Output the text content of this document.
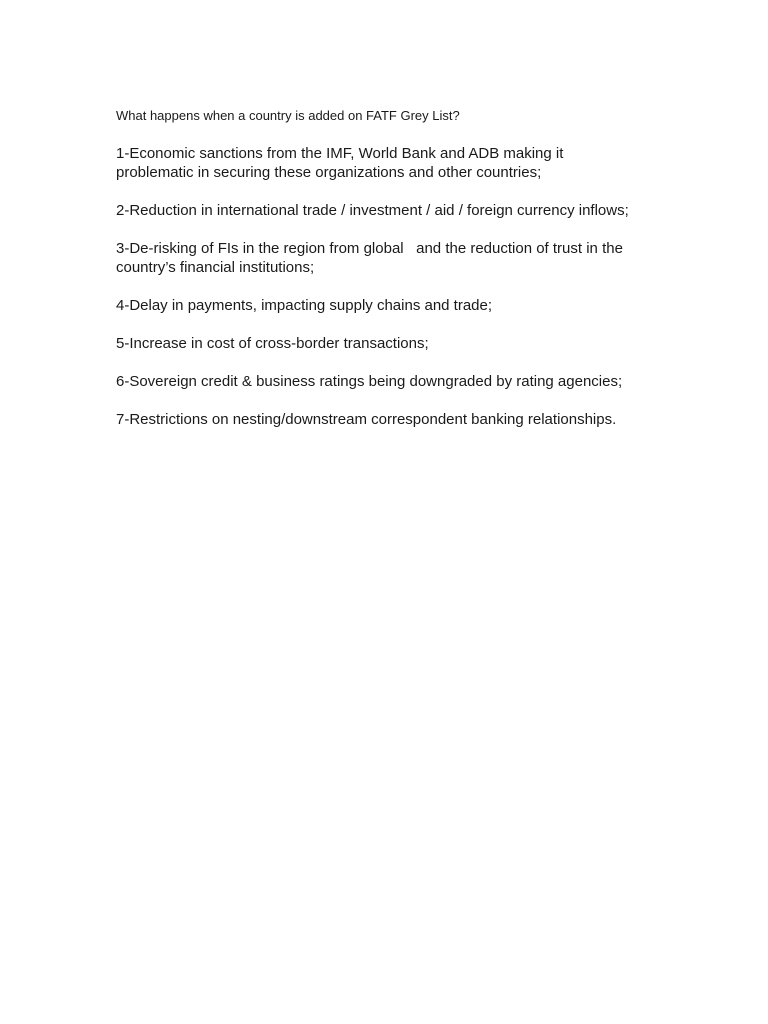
What happens when a country is added on FATF Grey List?

1-Economic sanctions from the IMF, World Bank and ADB making it
problematic in securing these organizations and other countries;

2-Reduction in international trade / investment / aid / foreign currency inflows;

3-De-risking of FIs in the region from global   and the reduction of trust in the
country’s financial institutions;

4-Delay in payments, impacting supply chains and trade;

5-Increase in cost of cross-border transactions;

6-Sovereign credit & business ratings being downgraded by rating agencies;

7-Restrictions on nesting/downstream correspondent banking relationships.
